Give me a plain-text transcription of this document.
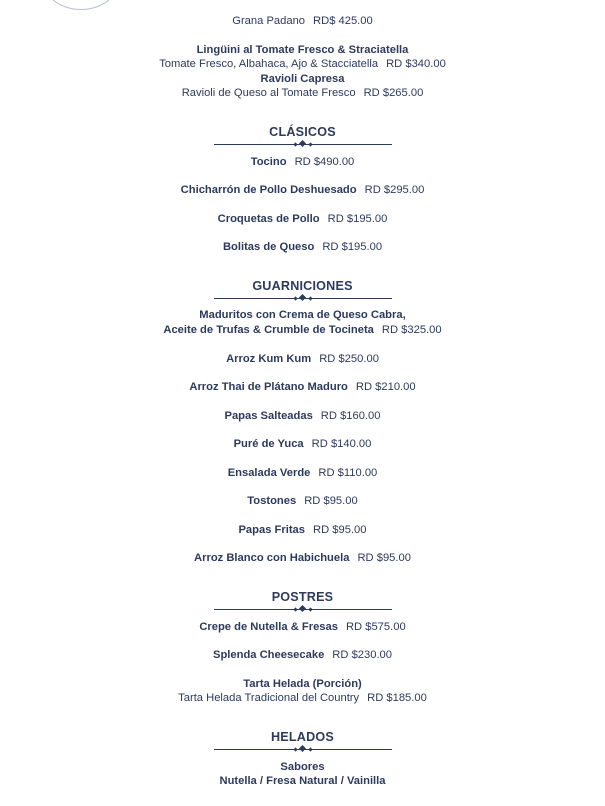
Grana Padano RD$ 425.00
Lingüini al Tomate Fresco & Straciatella
Tomate Fresco, Albahaca, Ajo & Stacciatella RD $340.00
Ravioli Capresa
Ravioli de Queso al Tomate Fresco RD $265.00
CLÁSICOS
Tocino RD $490.00
Chicharrón de Pollo Deshuesado RD $295.00
Croquetas de Pollo RD $195.00
Bolitas de Queso RD $195.00
GUARNICIONES
Maduritos con Crema de Queso Cabra,
Aceite de Trufas & Crumble de Tocineta RD $325.00
Arroz Kum Kum RD $250.00
Arroz Thai de Plátano Maduro RD $210.00
Papas Salteadas RD $160.00
Puré de Yuca RD $140.00
Ensalada Verde RD $110.00
Tostones RD $95.00
Papas Fritas RD $95.00
Arroz Blanco con Habichuela RD $95.00
POSTRES
Crepe de Nutella & Fresas RD $575.00
Splenda Cheesecake RD $230.00
Tarta Helada (Porción)
Tarta Helada Tradicional del Country RD $185.00
HELADOS
Sabores
Nutella / Fresa Natural / Vainilla
